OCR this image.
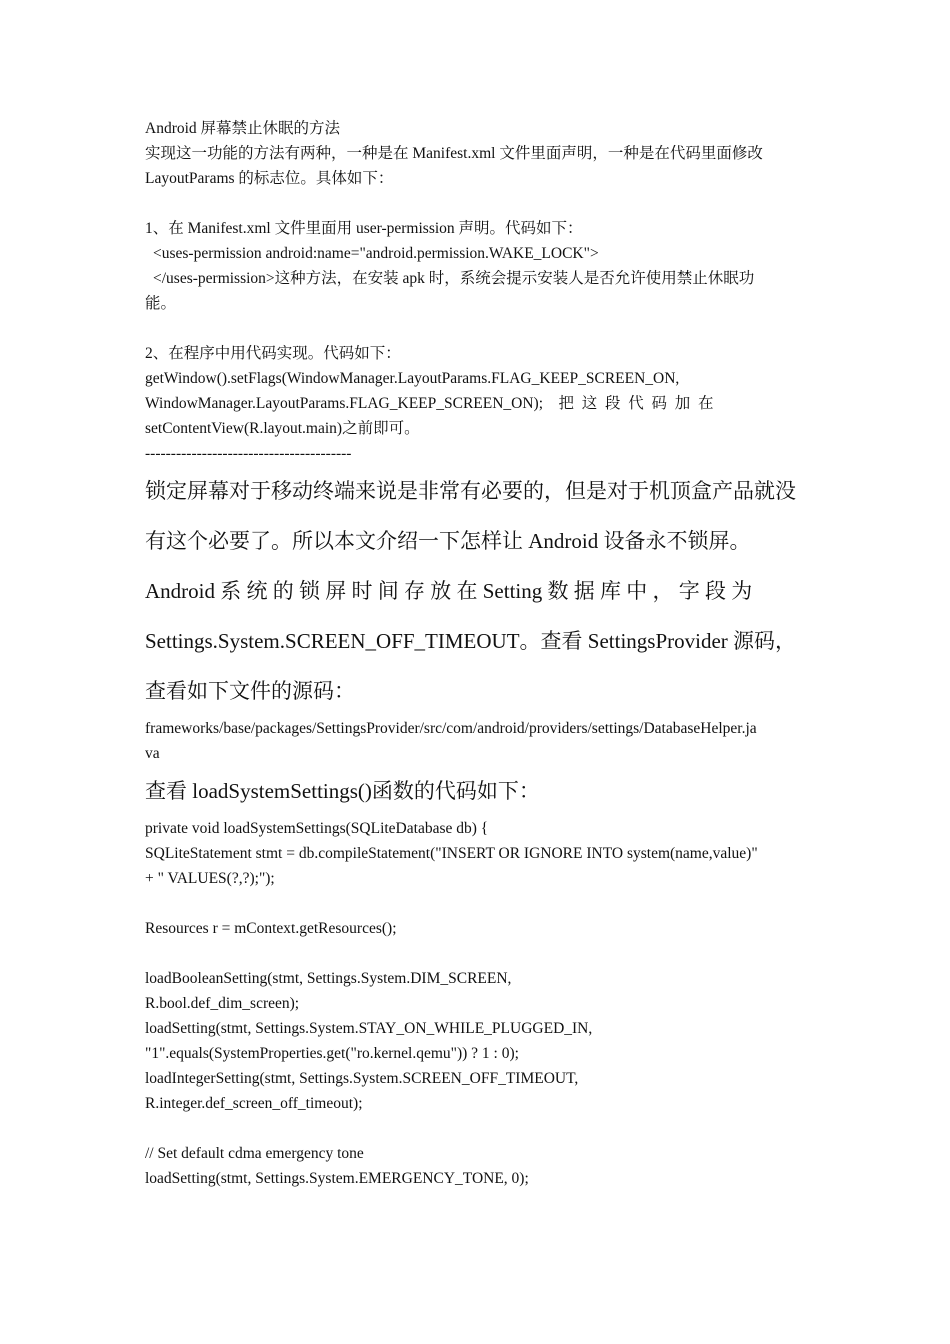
Android 屏幕禁止休眠的方法

实现这一功能的方法有两种，一种是在 Manifest.xml 文件里面声明，一种是在代码里面修改

LayoutParams 的标志位。具体如下：

1、在 Manifest.xml 文件里面用 user-permission 声明。代码如下：

<uses-permission android:name="android.permission.WAKE_LOCK">

</uses-permission>这种方法，在安装 apk 时，系统会提示安装人是否允许使用禁止休眠功

能。

2、在程序中用代码实现。代码如下：

getWindow().setFlags(WindowManager.LayoutParams.FLAG_KEEP_SCREEN_ON,

WindowManager.LayoutParams.FLAG_KEEP_SCREEN_ON);    把  这  段  代  码  加  在

setContentView(R.layout.main)之前即可。

----------------------------------------

锁定屏幕对于移动终端来说是非常有必要的，但是对于机顶盒产品就没

有这个必要了。所以本文介绍一下怎样让 Android 设备永不锁屏。

Android 系 统 的 锁 屏 时 间 存 放 在 Setting 数 据 库 中 ， 字 段 为

Settings.System.SCREEN_OFF_TIMEOUT。查看 SettingsProvider 源码，

查看如下文件的源码：

frameworks/base/packages/SettingsProvider/src/com/android/providers/settings/DatabaseHelper.ja

va

查看 loadSystemSettings()函数的代码如下：

private void loadSystemSettings(SQLiteDatabase db) {

SQLiteStatement stmt = db.compileStatement("INSERT OR IGNORE INTO system(name,value)"

+ " VALUES(?,?);");

Resources r = mContext.getResources();

loadBooleanSetting(stmt, Settings.System.DIM_SCREEN,

R.bool.def_dim_screen);

loadSetting(stmt, Settings.System.STAY_ON_WHILE_PLUGGED_IN,

"1".equals(SystemProperties.get("ro.kernel.qemu")) ? 1 : 0);

loadIntegerSetting(stmt, Settings.System.SCREEN_OFF_TIMEOUT,

R.integer.def_screen_off_timeout);

// Set default cdma emergency tone

loadSetting(stmt, Settings.System.EMERGENCY_TONE, 0);
